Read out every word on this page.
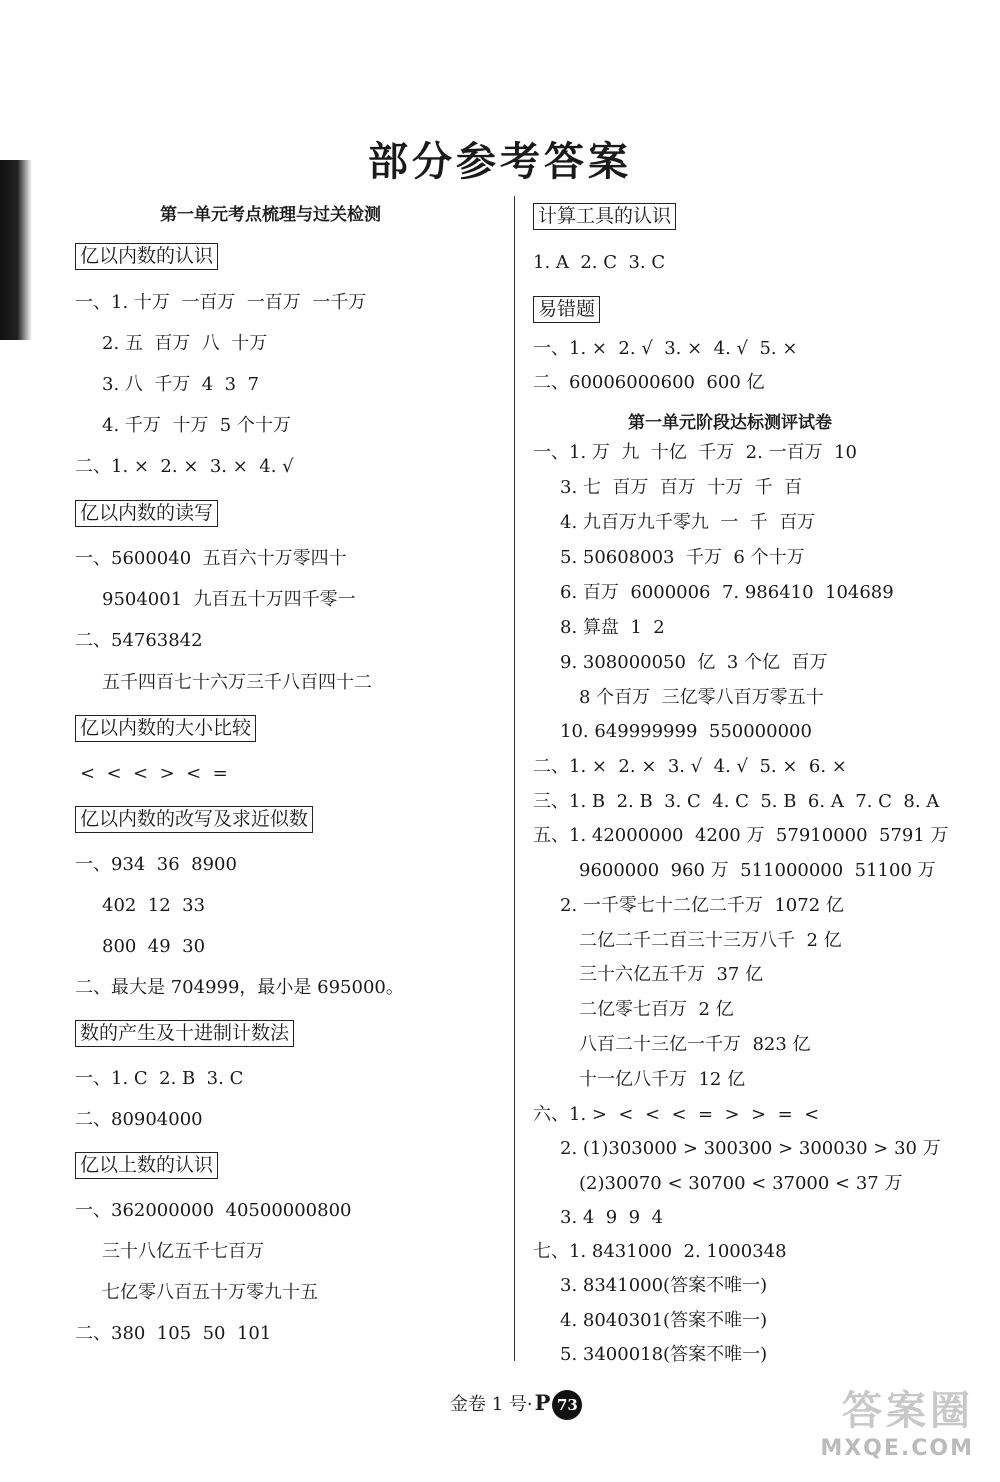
部分参考答案
第一单元考点梳理与过关检测
亿以内数的认识
一、1. 十万  一百万  一百万  一千万
2. 五  百万  八  十万
3. 八  千万  4  3  7
4. 千万  十万  5 个十万
二、1. ×  2. ×  3. ×  4. √
亿以内数的读写
一、5600040  五百六十万零四十
9504001  九百五十万四千零一
二、54763842
五千四百七十六万三千八百四十二
亿以内数的大小比较
<  <  <  >  <  =
亿以内数的改写及求近似数
一、934  36  8900
402  12  33
800  49  30
二、最大是 704999，最小是 695000。
数的产生及十进制计数法
一、1. C  2. B  3. C
二、80904000
亿以上数的认识
一、362000000  40500000800
三十八亿五千七百万
七亿零八百五十万零九十五
二、380  105  50  101
计算工具的认识
1. A  2. C  3. C
易错题
一、1. ×  2. √  3. ×  4. √  5. ×
二、60006000600  600 亿
第一单元阶段达标测评试卷
一、1. 万  九  十亿  千万  2. 一百万  10
3. 七  百万  百万  十万  千  百
4. 九百万九千零九  一  千  百万
5. 50608003  千万  6 个十万
6. 百万  6000006  7. 986410  104689
8. 算盘  1  2
9. 308000050  亿  3 个亿  百万
8 个百万  三亿零八百万零五十
10. 649999999  550000000
二、1. ×  2. ×  3. √  4. √  5. ×  6. ×
三、1. B  2. B  3. C  4. C  5. B  6. A  7. C  8. A
五、1. 42000000  4200 万  57910000  5791 万
9600000  960 万  511000000  51100 万
2. 一千零七十二亿二千万  1072 亿
二亿二千二百三十三万八千  2 亿
三十六亿五千万  37 亿
二亿零七百万  2 亿
八百二十三亿一千万  823 亿
十一亿八千万  12 亿
六、1. >  <  <  <  =  >  >  =  <
2. (1)303000 > 300300 > 300030 > 30 万
(2)30070 < 30700 < 37000 < 37 万
3. 4  9  9  4
七、1. 8431000  2. 1000348
3. 8341000(答案不唯一)
4. 8040301(答案不唯一)
5. 3400018(答案不唯一)
金卷 1 号·P 73	答案圈
MXQE.COM
